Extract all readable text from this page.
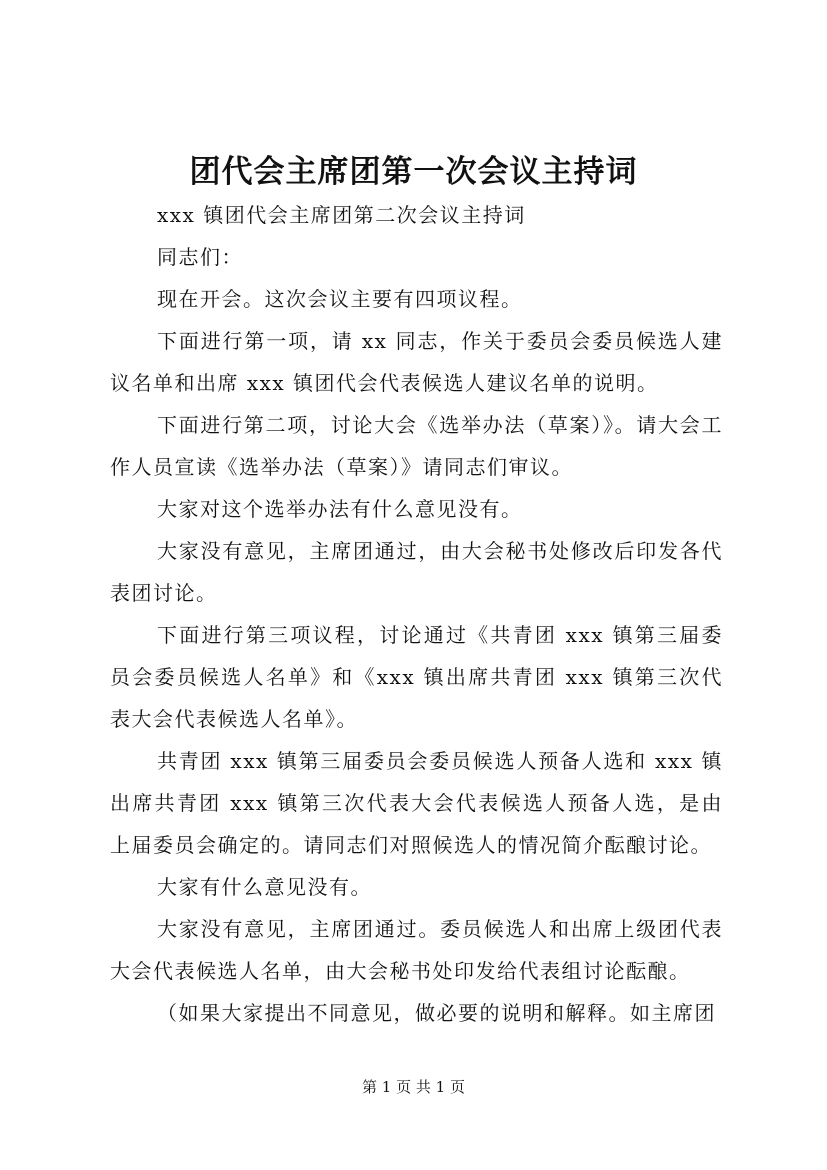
团代会主席团第一次会议主持词

xxx 镇团代会主席团第二次会议主持词

同志们：

现在开会。这次会议主要有四项议程。

下面进行第一项，请 xx 同志，作关于委员会委员候选人建议名单和出席 xxx 镇团代会代表候选人建议名单的说明。

下面进行第二项，讨论大会《选举办法（草案）》。请大会工作人员宣读《选举办法（草案）》请同志们审议。

大家对这个选举办法有什么意见没有。

大家没有意见，主席团通过，由大会秘书处修改后印发各代表团讨论。

下面进行第三项议程，讨论通过《共青团 xxx 镇第三届委员会委员候选人名单》和《xxx 镇出席共青团 xxx 镇第三次代表大会代表候选人名单》。

共青团 xxx 镇第三届委员会委员候选人预备人选和 xxx 镇出席共青团 xxx 镇第三次代表大会代表候选人预备人选，是由上届委员会确定的。请同志们对照候选人的情况简介酝酿讨论。

大家有什么意见没有。

大家没有意见，主席团通过。委员候选人和出席上级团代表大会代表候选人名单，由大会秘书处印发给代表组讨论酝酿。

（如果大家提出不同意见，做必要的说明和解释。如主席团

第 1 页 共 1 页
